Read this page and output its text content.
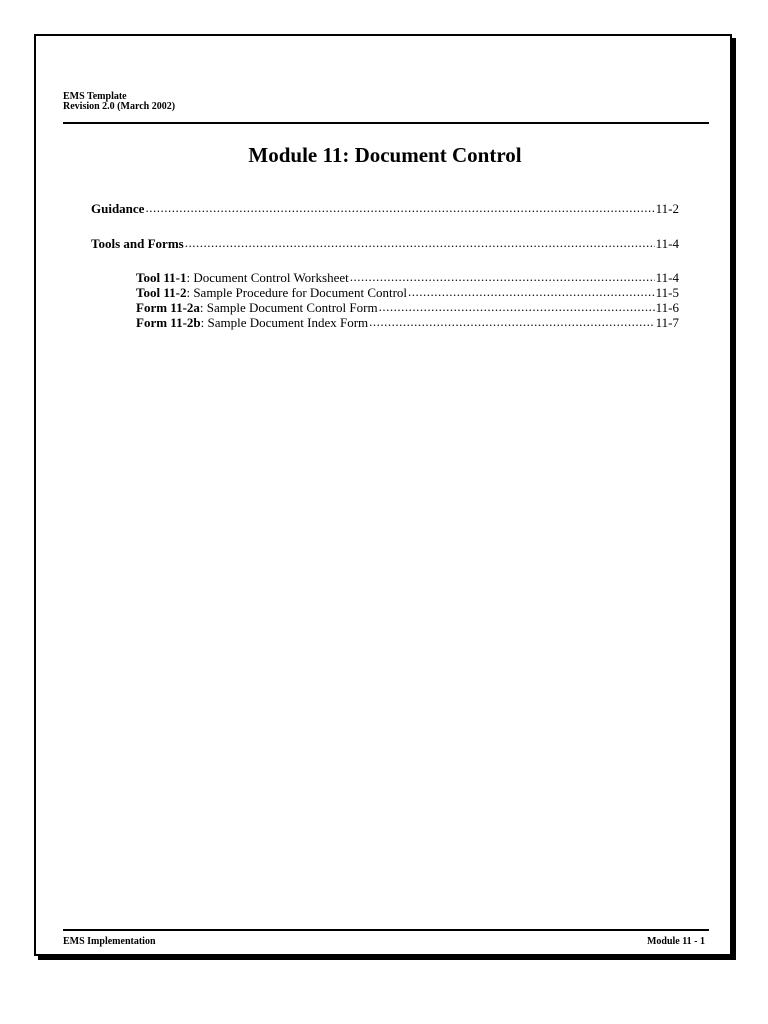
EMS Template
Revision 2.0 (March 2002)
Module 11: Document Control
Guidance .....	11-2
Tools and Forms .....	11-4
Tool 11-1: Document Control Worksheet .....	11-4
Tool 11-2: Sample Procedure for Document Control .....	11-5
Form 11-2a: Sample Document Control Form .....	11-6
Form 11-2b: Sample Document Index Form .....	11-7
EMS Implementation	Module 11 - 1
